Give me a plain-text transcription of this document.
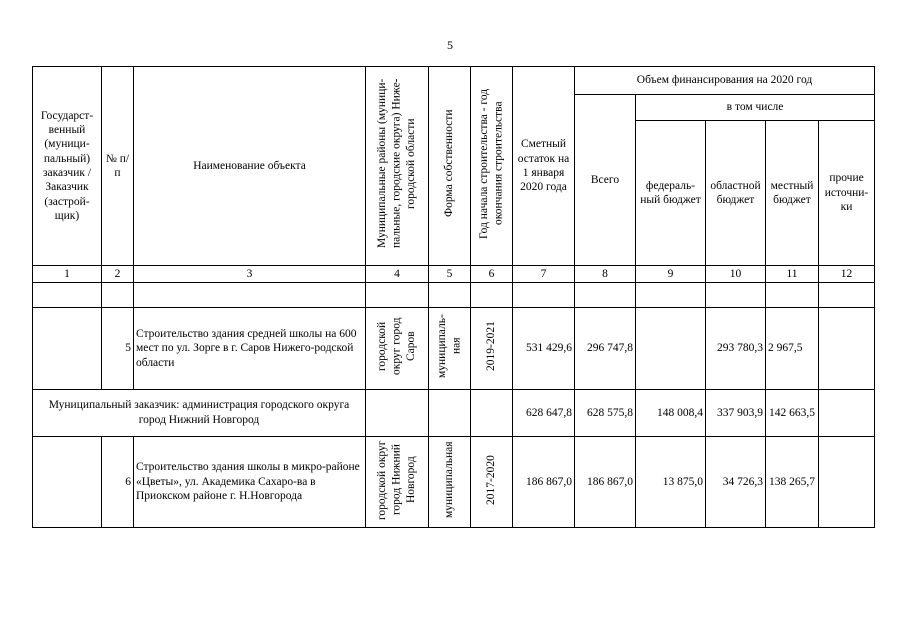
5
Государст-венный (муници-пальный) заказчик / Заказчик (застрой-щик)	№ п/п	Наименование объекта	Муниципальные районы (муници-пальные, городские округа) Ниже-городской области	Форма собственности	Год начала строительства - год окончания строительства	Сметный остаток на 1 января 2020 года	Объем финансирования на 2020 год				
							Всего	в том числе			
								федераль-ный бюджет	областной бюджет	местный бюджет	прочие источни-ки
1	2	3	4	5	6	7	8	9	10	11	12

	5	Строительство здания средней школы на 600 мест по ул. Зорге в г. Саров Нижего-родской области	городской округ город Саров	муниципаль-ная	2019-2021	531 429,6	296 747,8		293 780,3	2 967,5	
Муниципальный заказчик: администрация городского округа город Нижний Новгород						628 647,8	628 575,8	148 008,4	337 903,9	142 663,5	
	6	Строительство здания школы в микро-районе «Цветы», ул. Академика Сахаро-ва в Приокском районе г. Н.Новгорода	городской округ город Нижний Новгород	муниципальная	2017-2020	186 867,0	186 867,0	13 875,0	34 726,3	138 265,7	
